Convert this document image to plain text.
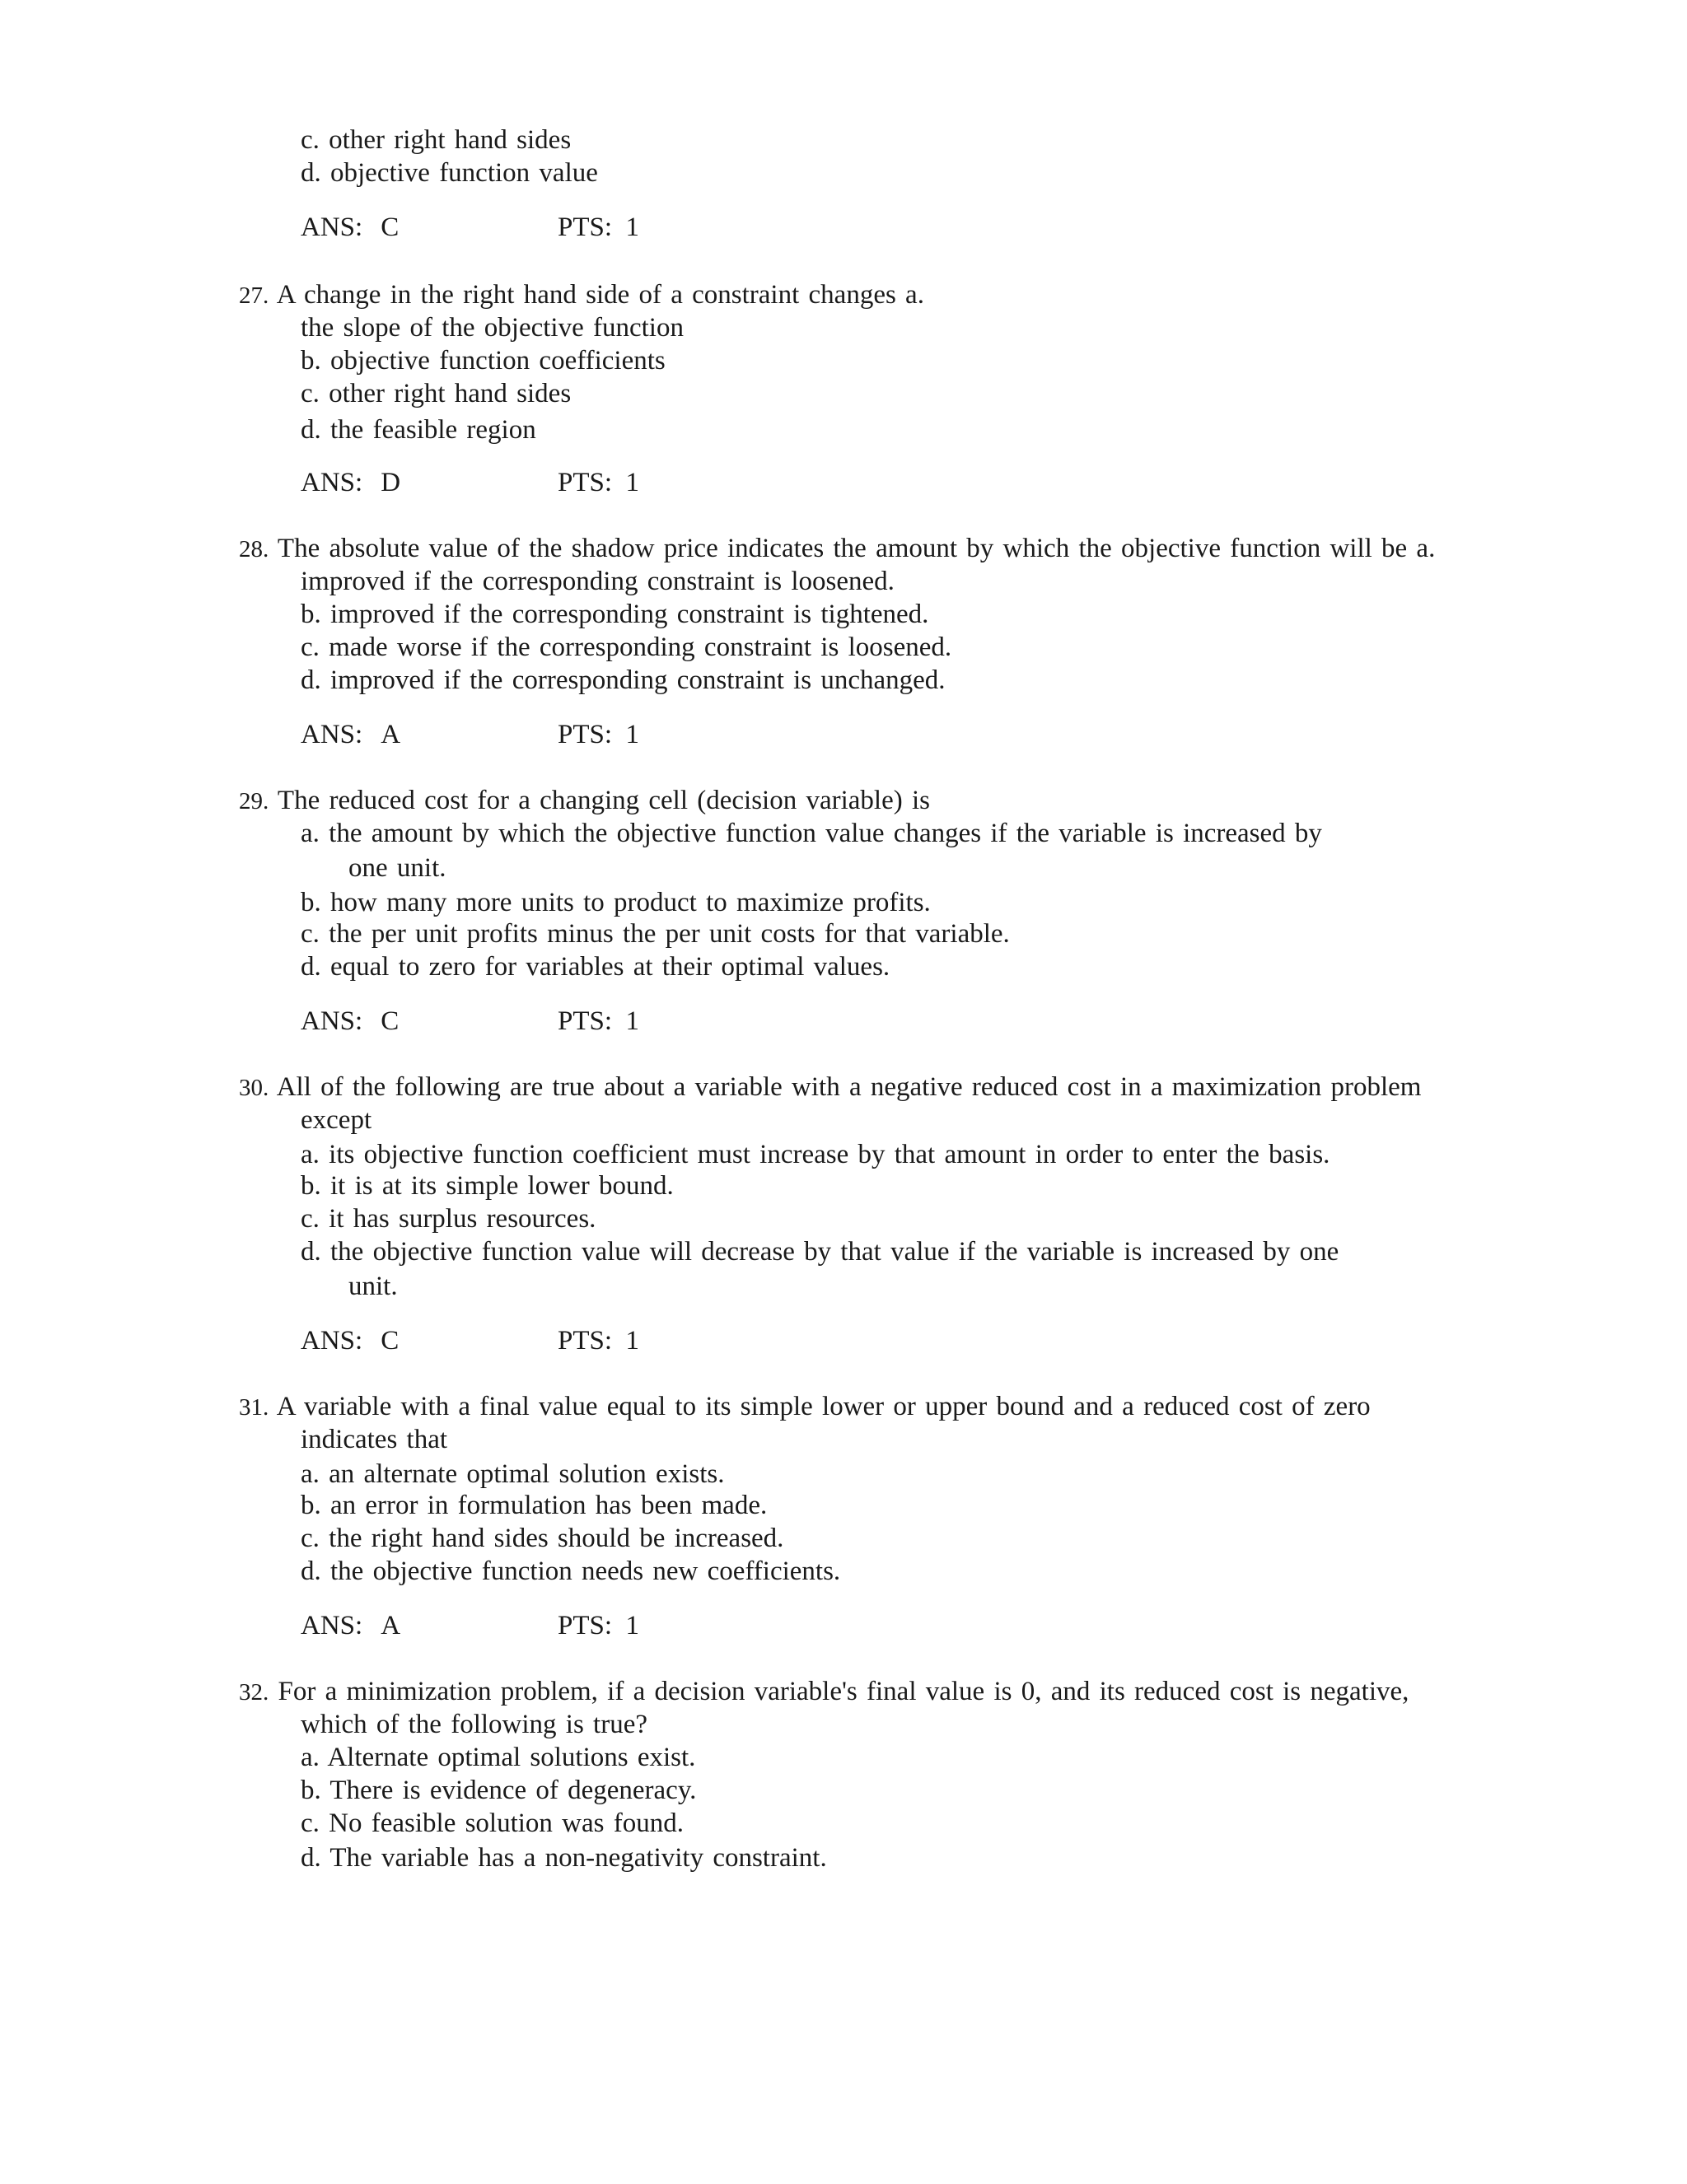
c. other right hand sides
d. objective function value
ANS: C	PTS: 1
27. A change in the right hand side of a constraint changes a.
the slope of the objective function
b. objective function coefficients
c. other right hand sides
d. the feasible region
ANS: D	PTS: 1
28. The absolute value of the shadow price indicates the amount by which the objective function will be a.
improved if the corresponding constraint is loosened.
b. improved if the corresponding constraint is tightened.
c. made worse if the corresponding constraint is loosened.
d. improved if the corresponding constraint is unchanged.
ANS: A	PTS: 1
29. The reduced cost for a changing cell (decision variable) is
a. the amount by which the objective function value changes if the variable is increased by
one unit.
b. how many more units to product to maximize profits.
c. the per unit profits minus the per unit costs for that variable.
d. equal to zero for variables at their optimal values.
ANS: C	PTS: 1
30. All of the following are true about a variable with a negative reduced cost in a maximization problem
except
a. its objective function coefficient must increase by that amount in order to enter the basis.
b. it is at its simple lower bound.
c. it has surplus resources.
d. the objective function value will decrease by that value if the variable is increased by one
unit.
ANS: C	PTS: 1
31. A variable with a final value equal to its simple lower or upper bound and a reduced cost of zero
indicates that
a. an alternate optimal solution exists.
b. an error in formulation has been made.
c. the right hand sides should be increased.
d. the objective function needs new coefficients.
ANS: A	PTS: 1
32. For a minimization problem, if a decision variable's final value is 0, and its reduced cost is negative,
which of the following is true?
a. Alternate optimal solutions exist.
b. There is evidence of degeneracy.
c. No feasible solution was found.
d. The variable has a non-negativity constraint.
